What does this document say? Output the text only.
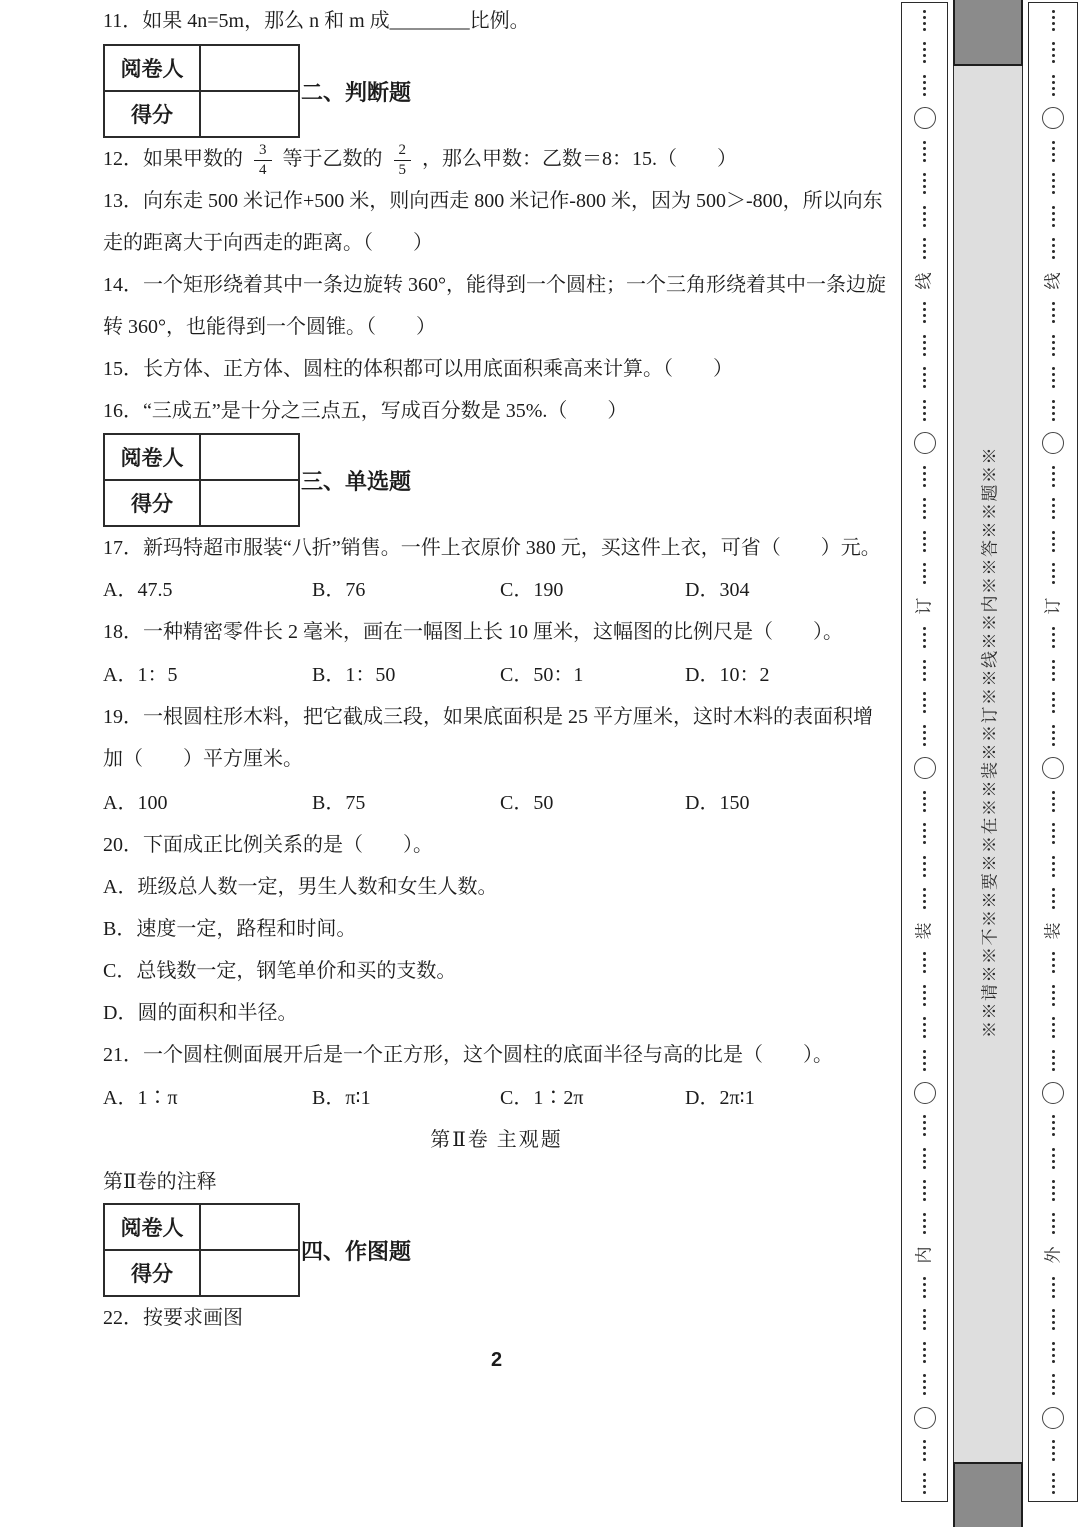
11．如果 4n=5m，那么 n 和 m 成________比例。

阅卷人	
得分	
二、判断题

12．如果甲数的 $\frac{3}{4}$ 等于乙数的 $\frac{2}{5}$ ，那么甲数：乙数＝8：15.（　　）

13．向东走 500 米记作+500 米，则向西走 800 米记作-800 米，因为 500＞-800，所以向东走的距离大于向西走的距离。（　　）

14．一个矩形绕着其中一条边旋转 360°，能得到一个圆柱；一个三角形绕着其中一条边旋转 360°，也能得到一个圆锥。（　　）

15．长方体、正方体、圆柱的体积都可以用底面积乘高来计算。（　　）

16．“三成五”是十分之三点五，写成百分数是 35%.（　　）

阅卷人	
得分	
三、单选题

17．新玛特超市服装“八折”销售。一件上衣原价 380 元，买这件上衣，可省（　　）元。

A．47.5	B．76	C．190	D．304

18．一种精密零件长 2 毫米，画在一幅图上长 10 厘米，这幅图的比例尺是（　　）。

A．1：5	B．1：50	C．50：1	D．10：2

19．一根圆柱形木料，把它截成三段，如果底面积是 25 平方厘米，这时木料的表面积增加（　　）平方厘米。

A．100	B．75	C．50	D．150

20．下面成正比例关系的是（　　）。

A．班级总人数一定，男生人数和女生人数。

B．速度一定，路程和时间。

C．总钱数一定，钢笔单价和买的支数。

D．圆的面积和半径。

21．一个圆柱侧面展开后是一个正方形，这个圆柱的底面半径与高的比是（　　）。

A．1∶π	B．π∶1	C．1∶2π	D．2π∶1

第Ⅱ卷 主观题

第Ⅱ卷的注释

阅卷人	
得分	
四、作图题

22．按要求画图

2

线
订
装
内
※※请※※不※※要※※在※※装※※订※※线※※内※※答※※题※※
线
订
装
外
